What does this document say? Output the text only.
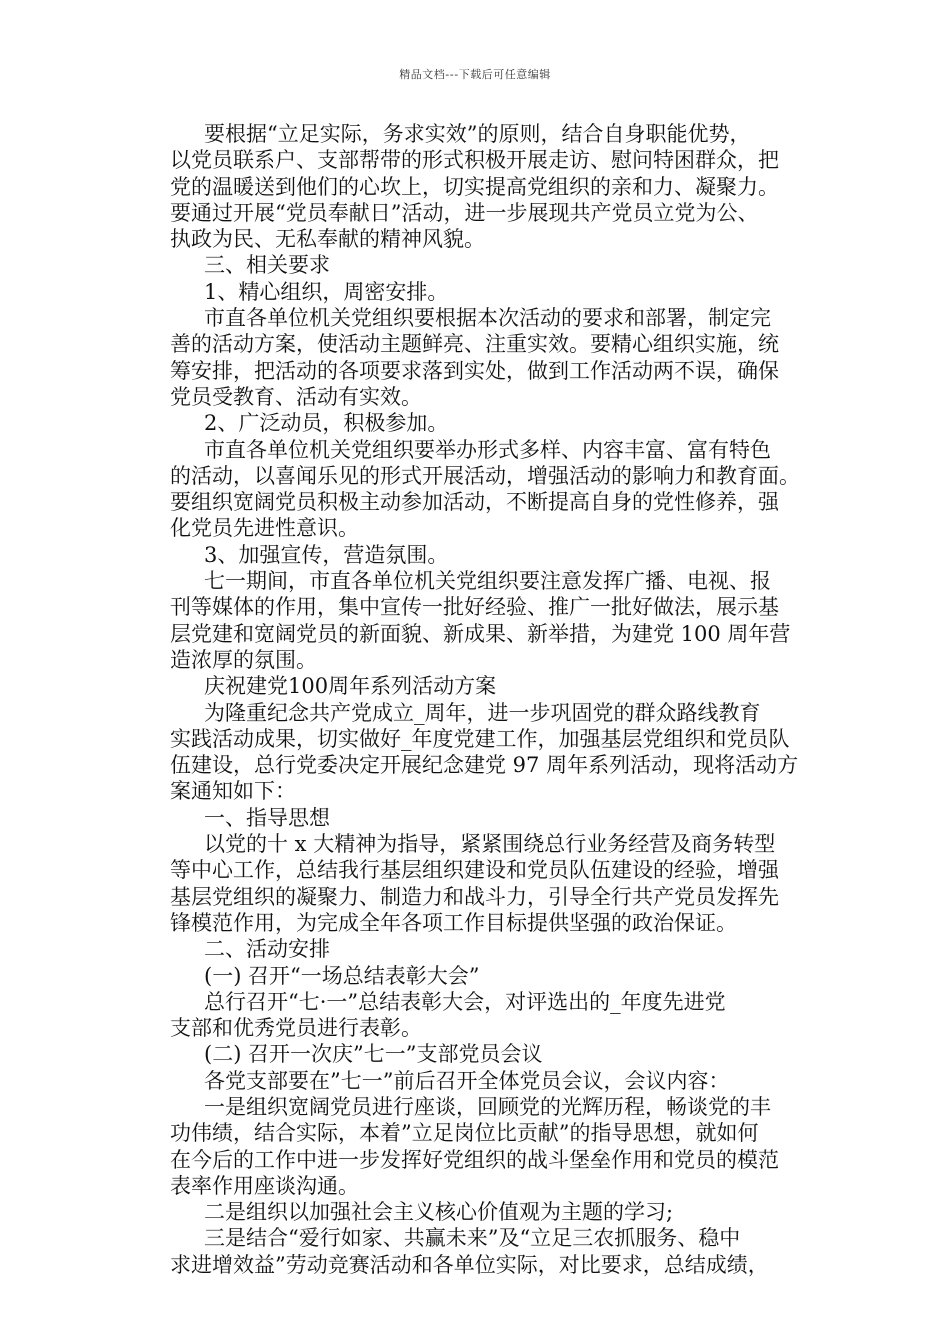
精品文档---下载后可任意编辑
要根据“立足实际，务求实效”的原则，结合自身职能优势，
以党员联系户、支部帮带的形式积极开展走访、慰问特困群众，把
党的温暖送到他们的心坎上，切实提高党组织的亲和力、凝聚力。
要通过开展“党员奉献日”活动，进一步展现共产党员立党为公、
执政为民、无私奉献的精神风貌。
三、相关要求
1、精心组织，周密安排。
市直各单位机关党组织要根据本次活动的要求和部署，制定完
善的活动方案，使活动主题鲜亮、注重实效。要精心组织实施，统
筹安排，把活动的各项要求落到实处，做到工作活动两不误，确保
党员受教育、活动有实效。
2、广泛动员，积极参加。
市直各单位机关党组织要举办形式多样、内容丰富、富有特色
的活动，以喜闻乐见的形式开展活动，增强活动的影响力和教育面。
要组织宽阔党员积极主动参加活动，不断提高自身的党性修养，强
化党员先进性意识。
3、加强宣传，营造氛围。
七一期间，市直各单位机关党组织要注意发挥广播、电视、报
刊等媒体的作用，集中宣传一批好经验、推广一批好做法，展示基
层党建和宽阔党员的新面貌、新成果、新举措，为建党 100 周年营
造浓厚的氛围。
庆祝建党100周年系列活动方案
为隆重纪念共产党成立_周年，进一步巩固党的群众路线教育
实践活动成果，切实做好_年度党建工作，加强基层党组织和党员队
伍建设，总行党委决定开展纪念建党 97 周年系列活动，现将活动方
案通知如下：
一、指导思想
以党的十 x 大精神为指导，紧紧围绕总行业务经营及商务转型
等中心工作，总结我行基层组织建设和党员队伍建设的经验，增强
基层党组织的凝聚力、制造力和战斗力，引导全行共产党员发挥先
锋模范作用，为完成全年各项工作目标提供坚强的政治保证。
二、活动安排
(一) 召开“一场总结表彰大会”
总行召开“七·一”总结表彰大会，对评选出的_年度先进党
支部和优秀党员进行表彰。
(二) 召开一次庆”七一”支部党员会议
各党支部要在”七一”前后召开全体党员会议，会议内容：
一是组织宽阔党员进行座谈，回顾党的光辉历程，畅谈党的丰
功伟绩，结合实际，本着”立足岗位比贡献”的指导思想，就如何
在今后的工作中进一步发挥好党组织的战斗堡垒作用和党员的模范
表率作用座谈沟通。
二是组织以加强社会主义核心价值观为主题的学习;
三是结合“爱行如家、共赢未来”及“立足三农抓服务、稳中
求进增效益”劳动竞赛活动和各单位实际，对比要求，总结成绩，
